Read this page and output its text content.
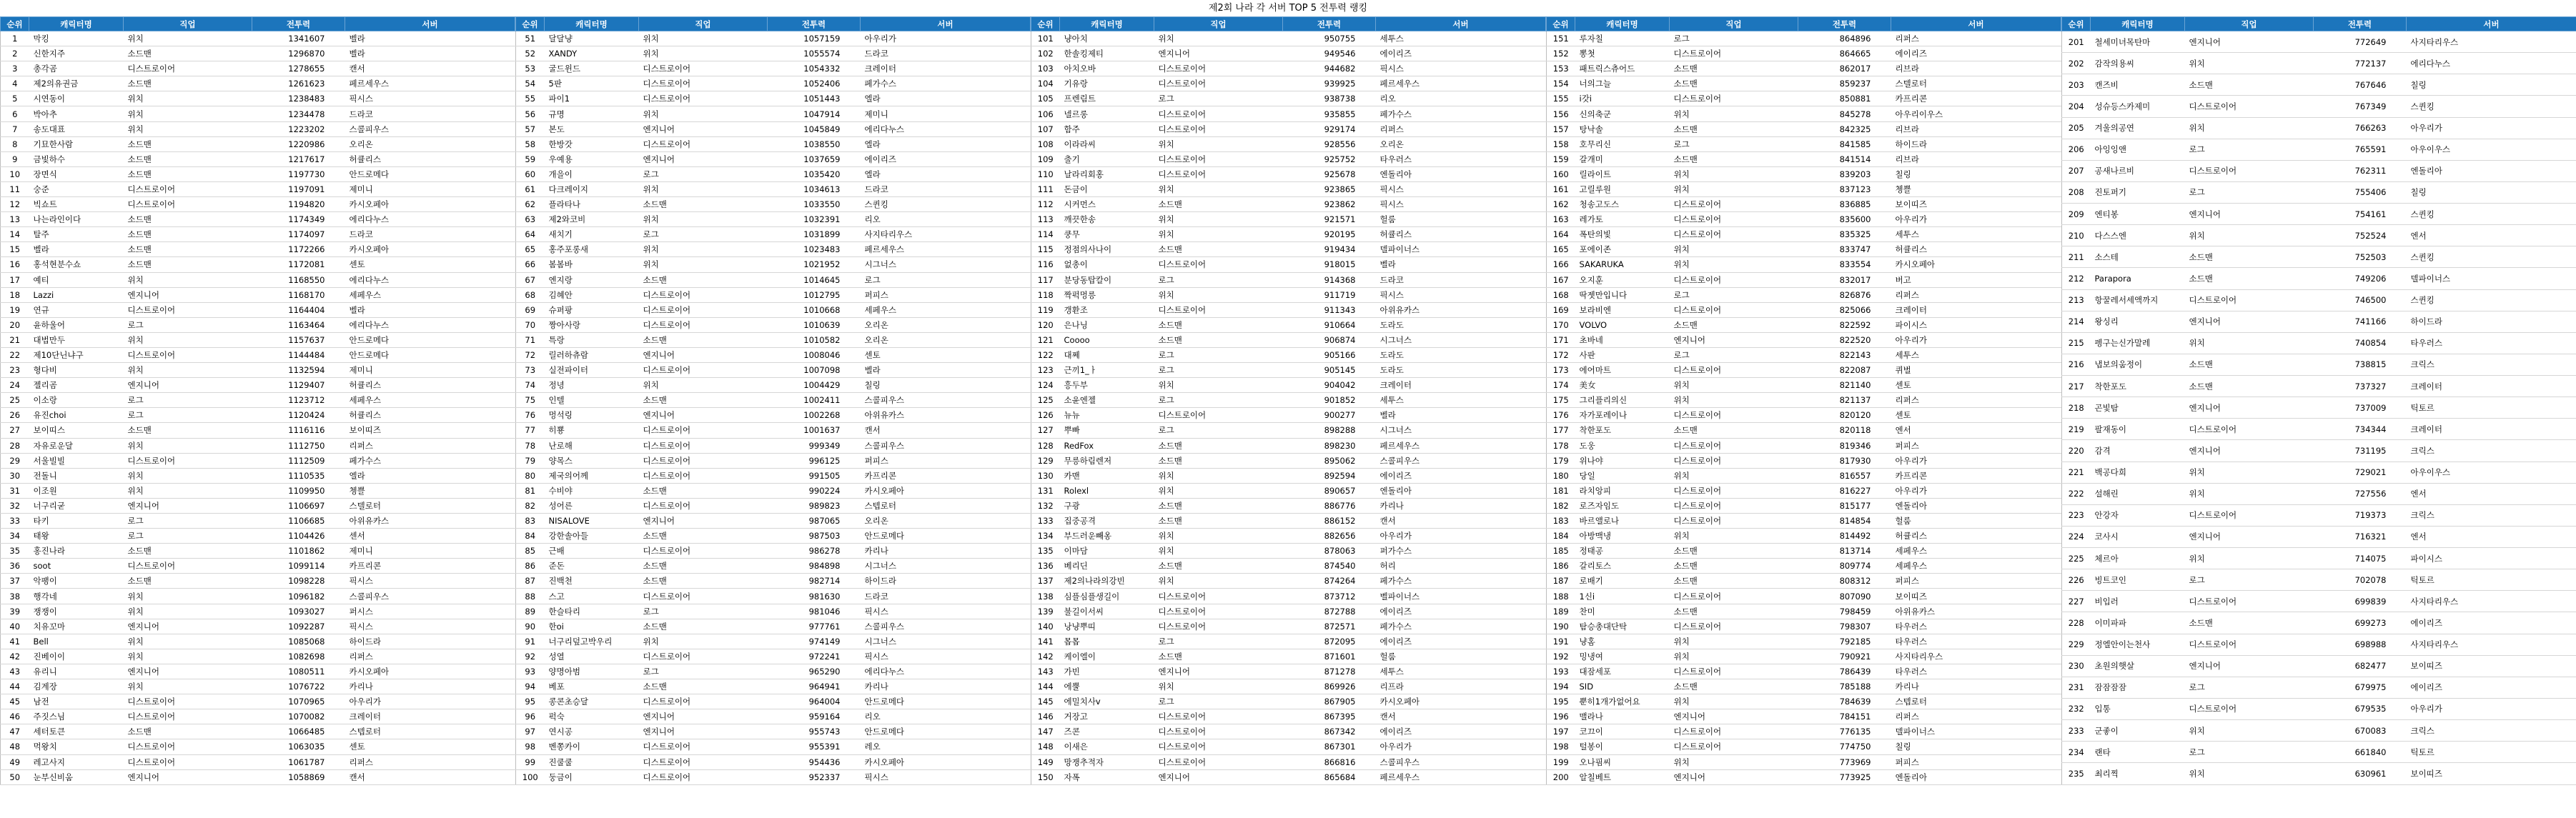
제2회 나라 각 서버 TOP 5 전투력 랭킹
순위	캐릭터명	직업	전투력	서버
1	막킹	위치	1341607	벨라
2	신한지주	소드맨	1296870	벨라
3	총각곰	디스트로이어	1278655	캔서
4	제2의유권금	소드맨	1261623	페르세우스
5	시연동이	위치	1238483	픽시스
6	박아추	위치	1234478	드라코
7	송도대표	위치	1223202	스콜피우스
8	기묘한사람	소드맨	1220986	오리온
9	금빛하수	소드맨	1217617	허큘리스
10	장면식	소드맨	1197730	안드로메다
11	숭준	디스트로이어	1197091	제미니
12	빅쇼트	디스트로이어	1194820	카시오페아
13	나는라인이다	소드맨	1174349	에리다누스
14	탈주	소드맨	1174097	드라코
15	벨라	소드맨	1172266	카시오페아
16	홍석현분수쇼	소드맨	1172081	센토
17	예티	위치	1168550	에리다누스
18	Lazzi	엔지니어	1168170	세페우스
19	연규	디스트로이어	1164404	벨라
20	윤하울어	로그	1163464	에리다누스
21	대법만두	위치	1157637	안드로메다
22	제10단닌냐구	디스트로이어	1144484	안드로메다
23	형다비	위치	1132594	제미니
24	젤리곰	엔지니어	1129407	허큘리스
25	이소랑	로그	1123712	세페우스
26	유진choi	로그	1120424	허큘리스
27	보이띠스	소드맨	1116116	보이띠즈
28	자유로운달	위치	1112750	리퍼스
29	서울빌빌	디스트로이어	1112509	페가수스
30	전돌니	위치	1110535	엘라
31	이조원	위치	1109950	쳉쁠
32	너구리굳	엔지니어	1106697	스텔로터
33	타키	로그	1106685	아위유카스
34	태왕	로그	1104426	센서
35	홍진나라	소드맨	1101862	제미니
36	soot	디스트로이어	1099114	카프리콘
37	악팽이	소드맨	1098228	픽시스
38	행각네	위치	1096182	스콜피우스
39	쟁쟁이	위치	1093027	퍼시스
40	치유꼬마	엔지니어	1092287	픽시스
41	Bell	위치	1085068	하이드라
42	진베이이	위치	1082698	리퍼스
43	유리니	엔지니어	1080511	카시오페아
44	김계장	위치	1076722	카리나
45	남전	디스트로이어	1070965	아우리가
46	주짓스님	디스트로이어	1070082	크레이터
47	세터토큰	소드맨	1066485	스텝로터
48	먹왕치	디스트로이어	1063035	센토
49	레고사지	디스트로이어	1061787	리퍼스
50	눈부신비움	엔지니어	1058869	캔서
순위	캐릭터명	직업	전투력	서버
51	달달냥	위치	1057159	아우리가
52	XANDY	위치	1055574	드라코
53	굴드윈드	디스트로이어	1054332	크레이터
54	5판	디스트로이어	1052406	페가수스
55	파이1	디스트로이어	1051443	엘라
56	규명	위치	1047914	제미니
57	본도	엔지니어	1045849	에리다누스
58	한방갓	디스트로이어	1038550	엘라
59	우예용	엔지니어	1037659	에이리즈
60	개을이	로그	1035420	엘라
61	다크레이지	위치	1034613	드라코
62	플라타나	소드맨	1033550	스퀸킹
63	제2와코비	위치	1032391	리오
64	새치기	로그	1031899	사지타리우스
65	홍주포롱새	위치	1023483	페르세우스
66	봄봄바	위치	1021952	시그너스
67	엔지랑	소드맨	1014645	로그
68	김혜안	디스트로이어	1012795	퍼피스
69	슈퍼팡	디스트로이어	1010668	세페우스
70	짱아사랑	디스트로이어	1010639	오리온
71	특랑	소드맨	1010582	오리온
72	릴러하츄람	엔지니어	1008046	센토
73	실전파이터	디스트로이어	1007098	벨라
74	정녕	위치	1004429	칠링
75	인텔	소드맨	1002411	스콜피우스
76	멍석링	엔지니어	1002268	아위유카스
77	히뿅	디스트로이어	1001637	캔서
78	난로해	디스트로이어	999349	스콜피우스
79	양목스	디스트로이어	996125	퍼피스
80	제국의어께	디스트로이어	991505	카프리콘
81	수비야	소드맨	990224	카시오페아
82	성어른	디스트로이어	989823	스텝로터
83	NISALOVE	엔지니어	987065	오리온
84	강한솔아들	소드맨	987503	안드로메다
85	근배	디스트로이어	986278	카리나
86	준돈	소드맨	984898	시그너스
87	진백천	소드맨	982714	하이드라
88	스고	디스트로이어	981630	드라코
89	한슬타리	로그	981046	픽시스
90	한oi	소드맨	977761	스콜피우스
91	너구리덮고박우리	위치	974149	시그너스
92	성열	디스트로이어	972241	픽시스
93	양명아범	로그	965290	에리다누스
94	베포	소드맨	964941	카리나
95	콩콘초승달	디스트로이어	964004	안드로메다
96	퍽숙	엔지니어	959164	리오
97	연시공	엔지니어	955743	안드로메다
98	벤쫑카이	디스트로이어	955391	레오
99	진쿨쿨	디스트로이어	954436	카시오페아
100	둥금이	디스트로이어	952337	픽시스
순위	캐릭터명	직업	전투력	서버
101	냥아치	위치	950755	세투스
102	한솔킹제티	엔지니어	949546	에이리즈
103	아치오바	디스트로이어	944682	픽시스
104	기유랑	디스트로이어	939925	페르세우스
105	프렌림트	로그	938738	리오
106	넬르롱	디스트로이어	935855	페가수스
107	함주	디스트로이어	929174	리퍼스
108	이라라씨	위치	928556	오리온
109	출기	디스트로이어	925752	타우러스
110	날라리회홍	디스트로이어	925678	엔돌리아
111	돈금이	위치	923865	픽시스
112	시커먼스	소드맨	923862	픽시스
113	깨끗한송	위치	921571	헐룸
114	쿵무	위치	920195	허큘리스
115	정점의사나이	소드맨	919434	델파이너스
116	없총이	디스트로이어	918015	벨라
117	분당동탑칼이	로그	914368	드라코
118	짝퍽멍릉	위치	911719	픽시스
119	갱환조	디스트로이어	911343	아위유카스
120	은나닝	소드맨	910664	도라도
121	Coooo	소드맨	906874	시그너스
122	대쩨	로그	905166	도라도
123	근끼1_ㅏ	로그	905145	도라도
124	흥두부	위치	904042	크레이터
125	소윤엔젤	로그	901852	세투스
126	뉴뉴	디스트로이어	900277	벨라
127	뿌빠	로그	898288	시그너스
128	RedFox	소드맨	898230	페르세우스
129	무릉하림렌저	소드맨	895062	스콜피우스
130	카맨	위치	892594	에이리즈
131	Rolexl	위치	890657	엔돌리아
132	구광	소드맨	886776	카리나
133	집중공격	소드맨	886152	캔서
134	부드러운빼옹	위치	882656	아우리가
135	이마담	위치	878063	퍼가수스
136	베리딘	소드맨	874540	허리
137	제2의나라의강빈	위치	874264	페가수스
138	심플심플생길이	디스트로이어	873712	벨파이너스
139	불길이서씨	디스트로이어	872788	에이리즈
140	낭냥뿌띠	디스트로이어	872571	페가수스
141	몹몹	로그	872095	에이리즈
142	케이엘이	소드맨	871601	헐룸
143	가빈	엔지니어	871278	세투스
144	에뿔	위치	869926	리프라
145	에밀치사v	로그	867905	카시오페아
146	거장고	디스트로이어	867395	캔서
147	즈콘	디스트로이어	867342	에이리즈
148	이새은	디스트로이어	867301	아우리가
149	망쟁추적자	디스트로이어	866816	스콜피우스
150	자폭	엔지니어	865684	페르세우스
순위	캐릭터명	직업	전투력	서버
151	루자칠	로그	864896	리퍼스
152	뽕첫	디스트로이어	864665	에이리즈
153	패트릭스츄어드	소드맨	862017	리브라
154	너의그늘	소드맨	859237	스텔로터
155	i갓i	디스트로이어	850881	카프리콘
156	신의축군	위치	845278	아우리이우스
157	탕낙솔	소드맨	842325	리브라
158	호무리신	로그	841585	하이드라
159	갈개미	소드맨	841514	리브라
160	릴라이트	위치	839203	칠링
161	고릴루원	위치	837123	쳉쁠
162	청송고도스	디스트로이어	836885	보이띠즈
163	레가토	디스트로이어	835600	아우리가
164	폭탄의빛	디스트로이어	835325	세투스
165	포에이존	위치	833747	허큘리스
166	SAKARUKA	위치	833554	카시오페아
167	오지훈	디스트로이어	832017	버고
168	딱젯만입니다	로그	826876	리퍼스
169	보라비엔	디스트로이어	825066	크레이터
170	VOLVO	소드맨	822592	파이시스
171	초바네	엔지니어	822520	아우리가
172	사판	로그	822143	세투스
173	에어마트	디스트로이어	822087	퀴벌
174	美女	위치	821140	센토
175	그리플리의신	위치	821137	리퍼스
176	자가포레이나	디스트로이어	820120	센토
177	착한포도	소드맨	820118	엔서
178	도웅	디스트로이어	819346	퍼피스
179	위나야	디스트로이어	817930	아우리가
180	당일	위치	816557	카프리콘
181	라치앙피	디스트로이어	816227	아우리가
182	로즈자임도	디스트로이어	815177	엔돌리아
183	바르앨로나	디스트로이어	814854	헐룸
184	아방맥냉	위치	814492	허큘리스
185	정태공	소드맨	813714	세페우스
186	갈리토스	소드맨	809774	세페우스
187	로배기	소드맨	808312	퍼피스
188	1신i	디스트로이어	807090	보이띠즈
189	찬미	소드맨	798459	아위유카스
190	탐승총대단탁	디스트로이어	798307	타우러스
191	냥홈	위치	792185	타우러스
192	밍냉여	위치	790921	사지타리우스
193	대잠세포	디스트로이어	786439	타우러스
194	SID	소드맨	785188	카리나
195	뿐히1개가없어요	위치	784639	스텝로터
196	맬라나	엔지니어	784151	리퍼스
197	코끄이	디스트로이어	776135	델파이너스
198	털봉이	디스트로이어	774750	칠링
199	오나핌씨	위치	773969	퍼피스
200	알칠베트	엔지니어	773925	엔돌리아
순위	캐릭터명	직업	전투력	서버
201	철세미녀목탄마	엔지니어	772649	사지타리우스
202	감작의용씨	위치	772137	에리다누스
203	캔즈비	소드맨	767646	칠링
204	성슈등스카제미	디스트로이어	767349	스퀸킹
205	겨울의공연	위치	766263	아우리가
206	아잉잉앤	로그	765591	아우이우스
207	공새나르비	디스트로이어	762311	엔돌리아
208	진토퍼기	로그	755406	칠링
209	엔티봉	엔지니어	754161	스퀸킹
210	다스스엔	위치	752524	엔서
211	소스테	소드맨	752503	스퀸킹
212	Parapora	소드맨	749206	델파이너스
213	항꿀레서세액까지	디스트로이어	746500	스퀸킹
214	왕싱리	엔지니어	741166	하이드라
215	펭구는신가말레	위치	740854	타우러스
216	냅보의움정이	소드맨	738815	크릭스
217	착한포도	소드맨	737327	크레이터
218	곤빛탐	엔지니어	737009	틱토르
219	팔재동이	디스트로이어	734344	크레이터
220	감격	엔지니어	731195	크릭스
221	백공다희	위치	729021	아우이우스
222	설해린	위치	727556	엔서
223	안강자	디스트로이어	719373	크릭스
224	코사시	엔지니어	716321	엔서
225	체르아	위치	714075	파이시스
226	빙트코인	로그	702078	틱토르
227	비입러	디스트로이어	699839	사지타리우스
228	이미파파	소드맨	699273	에이리즈
229	정엘안이는천사	디스트로이어	698988	사지타리우스
230	초원의햇살	엔지니어	682477	보이띠즈
231	잠잠잠잠	로그	679975	에이리즈
232	입통	디스트로이어	679535	아우리가
233	군좋이	위치	670083	크릭스
234	랜타	로그	661840	틱토르
235	최리찍	위치	630961	보이띠즈
